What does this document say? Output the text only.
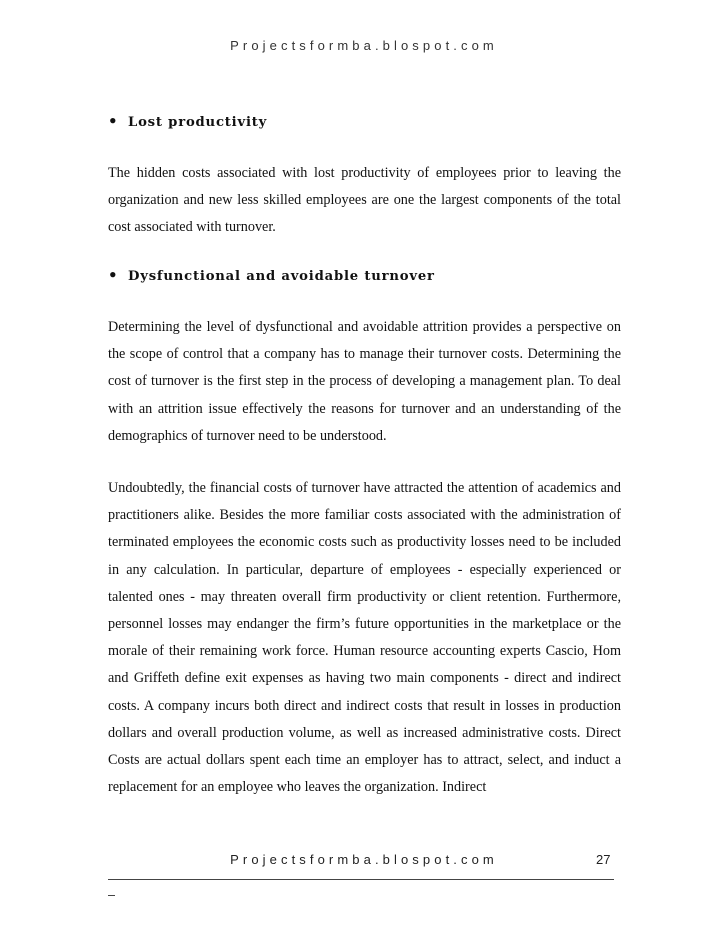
Projectsformba.blospot.com
• Lost productivity
The hidden costs associated with lost productivity of employees prior to leaving the organization and new less skilled employees are one the largest components of the total cost associated with turnover.
• Dysfunctional and avoidable turnover
Determining the level of dysfunctional and avoidable attrition provides a perspective on the scope of control that a company has to manage their turnover costs. Determining the cost of turnover is the first step in the process of developing a management plan. To deal with an attrition issue effectively the reasons for turnover and an understanding of the demographics of turnover need to be understood.
Undoubtedly, the financial costs of turnover have attracted the attention of academics and practitioners alike. Besides the more familiar costs associated with the administration of terminated employees the economic costs such as productivity losses need to be included in any calculation. In particular, departure of employees - especially experienced or talented ones - may threaten overall firm productivity or client retention. Furthermore, personnel losses may endanger the firm’s future opportunities in the marketplace or the morale of their remaining work force. Human resource accounting experts Cascio, Hom and Griffeth define exit expenses as having two main components - direct and indirect costs. A company incurs both direct and indirect costs that result in losses in production dollars and overall production volume, as well as increased administrative costs. Direct Costs are actual dollars spent each time an employer has to attract, select, and induct a replacement for an employee who leaves the organization. Indirect
Projectsformba.blospot.com	27
